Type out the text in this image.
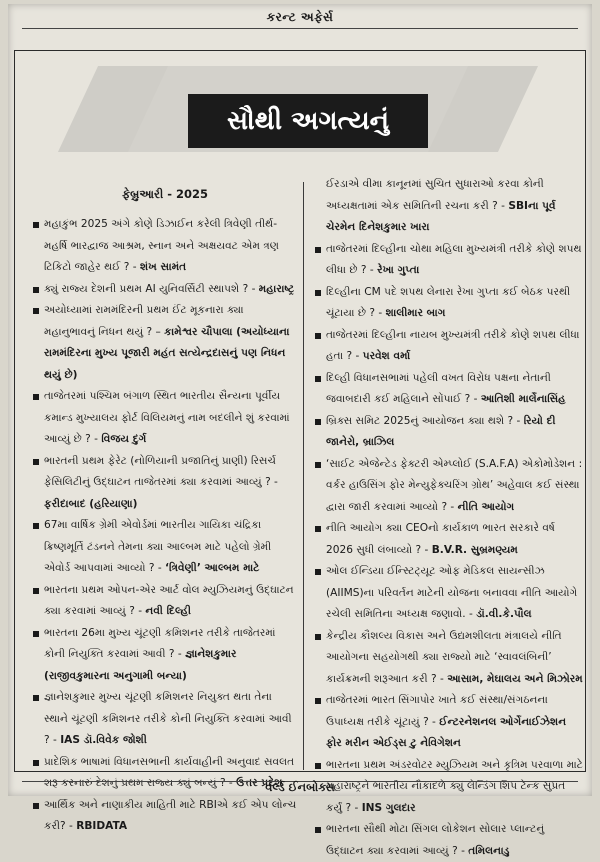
કરન્ટ અફેર્સ
સૌથી અગત્યનું
ફેબ્રુઆરી - 2025
મહાકુંભ 2025 અંગે કોણે ડિઝાઈન કરેલી ત્રિવેણી તીર્થ-મહર્ષિ ભારદ્વાજ આશ્રમ, સ્નાન અને અક્ષયવટ એમ ત્રણ ટિકિટો જાહેર થઈ ? - શંખ સામંત
ક્યું રાજ્ય દેશની પ્રથમ AI યુનિવર્સિટી સ્થાપશે ? - મહારાષ્ટ્ર
અયોધ્યામાં રામમંદિરની પ્રથમ ઈંટ મૂકનારા ક્યા મહાનુભાવનું નિધન થયું ? – કામેશ્વર ચૌપાલા (અયોધ્યાના રામમંદિરના મુખ્ય પૂજારી મહંત સત્યેન્દ્રદાસનું પણ નિધન થયું છે)
તાજેતરમાં પશ્ચિમ બંગાળ સ્થિત ભારતીય સૈન્યના પૂર્વીય કમાન્ડ મુખ્યાલય ફોર્ટ વિલિયમનું નામ બદલીને શું કરવામાં આવ્યું છે ? - વિજય દુર્ગ
ભારતની પ્રથમ ફેરેટ (નોળિયાની પ્રજાતિનું પ્રાણી) રિસર્ચ ફેસિલિટીનું ઉદ્ઘાટન તાજેતરમાં ક્યા કરવામાં આવ્યું ? - ફરીદાબાદ (હરિયાણા)
67મા વાર્ષિક ગ્રેમી એવોર્ડમાં ભારતીય ગાયિકા ચંદ્રિકા ક્રિષ્ણમૂર્તિ ટંડનને તેમના ક્યા આલ્બમ માટે પહેલો ગ્રેમી એવોર્ડ આપવામાં આવ્યો ? - ‘ત્રિવેણી’ આલ્બમ માટે
ભારતના પ્રથમ ઓપન-એર આર્ટ વોલ મ્યુઝિયમનું ઉદ્ઘાટન ક્યા કરવામાં આવ્યું ? - નવી દિલ્હી
ભારતના 26મા મુખ્ય ચૂંટણી કમિશનર તરીકે તાજેતરમાં કોની નિયુક્તિ કરવામાં આવી ? - જ્ઞાનેશકુમાર (રાજીવકુમારના અનુગામી બન્યા)
જ્ઞાનેશકુમાર મુખ્ય ચૂંટણી કમિશનર નિયુક્ત થતા તેના સ્થાને ચૂંટણી કમિશનર તરીકે કોની નિયુક્તિ કરવામાં આવી ? - IAS ડૉ.વિવેક જોશી
પ્રાદેશિક ભાષામાં વિધાનસભાની કાર્યવાહીની અનુવાદ સવલત શરૂ કરનારું દેશનું પ્રથમ રાજ્ય ક્યું બન્યું ? - ઉત્તર પ્રદેશ
આર્થિક અને નાણાકીય માહિતી માટે RBIએ કઈ એપ લોન્ચ કરી? - RBIDATA
ઈરડાએ વીમા કાનૂનમાં સુચિત સુધારાઓ કરવા કોની અધ્યક્ષતામાં એક સમિતિની રચના કરી ? - SBIના પૂર્વ ચેરમેન દિનેશકુમાર ખારા
તાજેતરમાં દિલ્હીના ચોથા મહિલા મુખ્યમંત્રી તરીકે કોણે શપથ લીધા છે ? - રેખા ગુપ્તા
દિલ્હીના CM પદે શપથ લેનારા રેખા ગુપ્તા કઈ બેઠક પરથી ચૂંટાયા છે ? - શાલીમાર બાગ
તાજેતરમાં દિલ્હીના નાયબ મુખ્યમંત્રી તરીકે કોણે શપથ લીધા હતા ? - પરવેશ વર્મા
દિલ્હી વિધાનસભામાં પહેલી વખત વિરોધ પક્ષના નેતાની જવાબદારી કઈ મહિલાને સોંપાઈ ? - આતિશી માર્લેનાસિંહ
બ્રિક્સ સમિટ 2025નું આયોજન ક્યા થશે ? - રિયો દી જાનેરો, બ્રાઝિલ
‘સાઈટ એજેન્ટેડ ફેક્ટરી એમ્પ્લોઈ (S.A.F.A) એકોમોડેશન : વર્કર હાઉસિંગ ફોર મેન્યુફેક્ચરિંગ ગ્રોથ’ અહેવાલ કઈ સંસ્થા દ્વારા જારી કરવામાં આવ્યો ? - નીતિ આયોગ
નીતિ આયોગ ક્યા CEOનો કાર્યકાળ ભારત સરકારે વર્ષ 2026 સુધી લંબાવ્યો ? - B.V.R. સુબ્રમણ્યમ
ઓલ ઈન્ડિયા ઈન્સ્ટિટ્યૂટ ઓફ મેડિકલ સાયન્સીઝ (AIIMS)ના પરિવર્તન માટેની યોજના બનાવવા નીતિ આયોગે રચેલી સમિતિના અધ્યક્ષ જણાવો. - ડૉ.વી.કે.પૌલ
કેન્દ્રીય કૌશલ્ય વિકાસ અને ઉદ્યમશીલતા મંત્રાલયે નીતિ આયોગના સહયોગથી ક્યા રાજ્યો માટે ‘સ્વાવલંબિની’ કાર્યક્રમની શરૂઆત કરી ? - આસામ, મેઘાલય અને મિઝોરમ
તાજેતરમાં ભારત સિંગાપોર ખાતે કઈ સંસ્થા/સંગઠનના ઉપાધ્યક્ષ તરીકે ચૂંટાયું ? - ઈન્ટરનેશનલ ઓર્ગેનાઈઝેશન ફોર મરીન એઈડ્સ ટુ નેવિગેશન
ભારતના પ્રથમ અંડરવોટર મ્યુઝિયમ અને કૃત્રિમ પરવાળા માટે મહારાષ્ટ્રને ભારતીય નૌકાદળે ક્યું લેન્ડિંગ શિપ ટેન્ક સુપ્રત કર્યું ? - INS ગુલદાર
ભારતના સૌથી મોટા સિંગલ લોકેશન સોલાર પ્લાન્ટનું ઉદ્ઘાટન ક્યા કરવામાં આવ્યું ? - તમિલનાડુ
વર્લ્ડ ઈનબોક્સ
